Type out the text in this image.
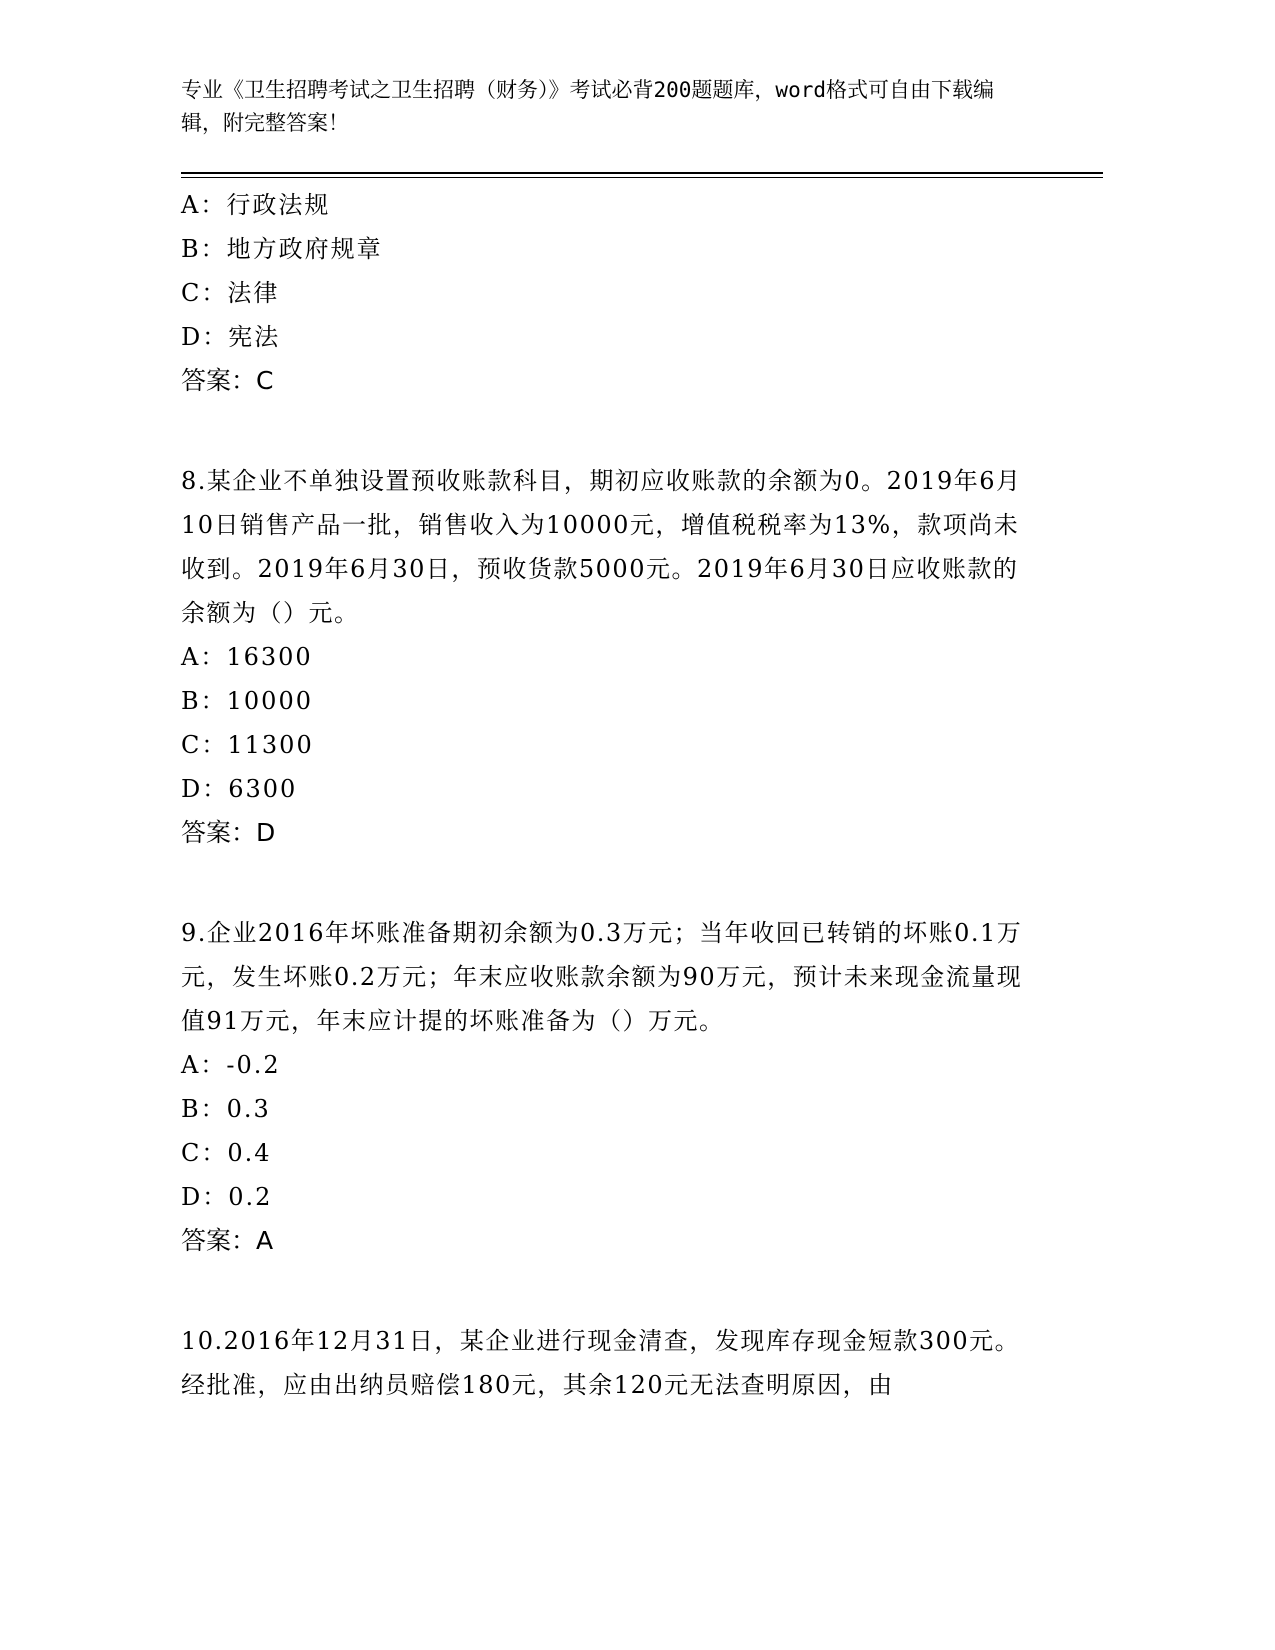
专业《卫生招聘考试之卫生招聘（财务）》考试必背200题题库，word格式可自由下载编辑，附完整答案！
A：行政法规
B：地方政府规章
C：法律
D：宪法
答案：C
8.某企业不单独设置预收账款科目，期初应收账款的余额为0。2019年6月10日销售产品一批，销售收入为10000元，增值税税率为13%，款项尚未收到。2019年6月30日，预收货款5000元。2019年6月30日应收账款的余额为（）元。
A：16300
B：10000
C：11300
D：6300
答案：D
9.企业2016年坏账准备期初余额为0.3万元；当年收回已转销的坏账0.1万元，发生坏账0.2万元；年末应收账款余额为90万元，预计未来现金流量现值91万元，年末应计提的坏账准备为（）万元。
A：-0.2
B：0.3
C：0.4
D：0.2
答案：A
10.2016年12月31日，某企业进行现金清查，发现库存现金短款300元。经批准，应由出纳员赔偿180元，其余120元无法查明原因，由
